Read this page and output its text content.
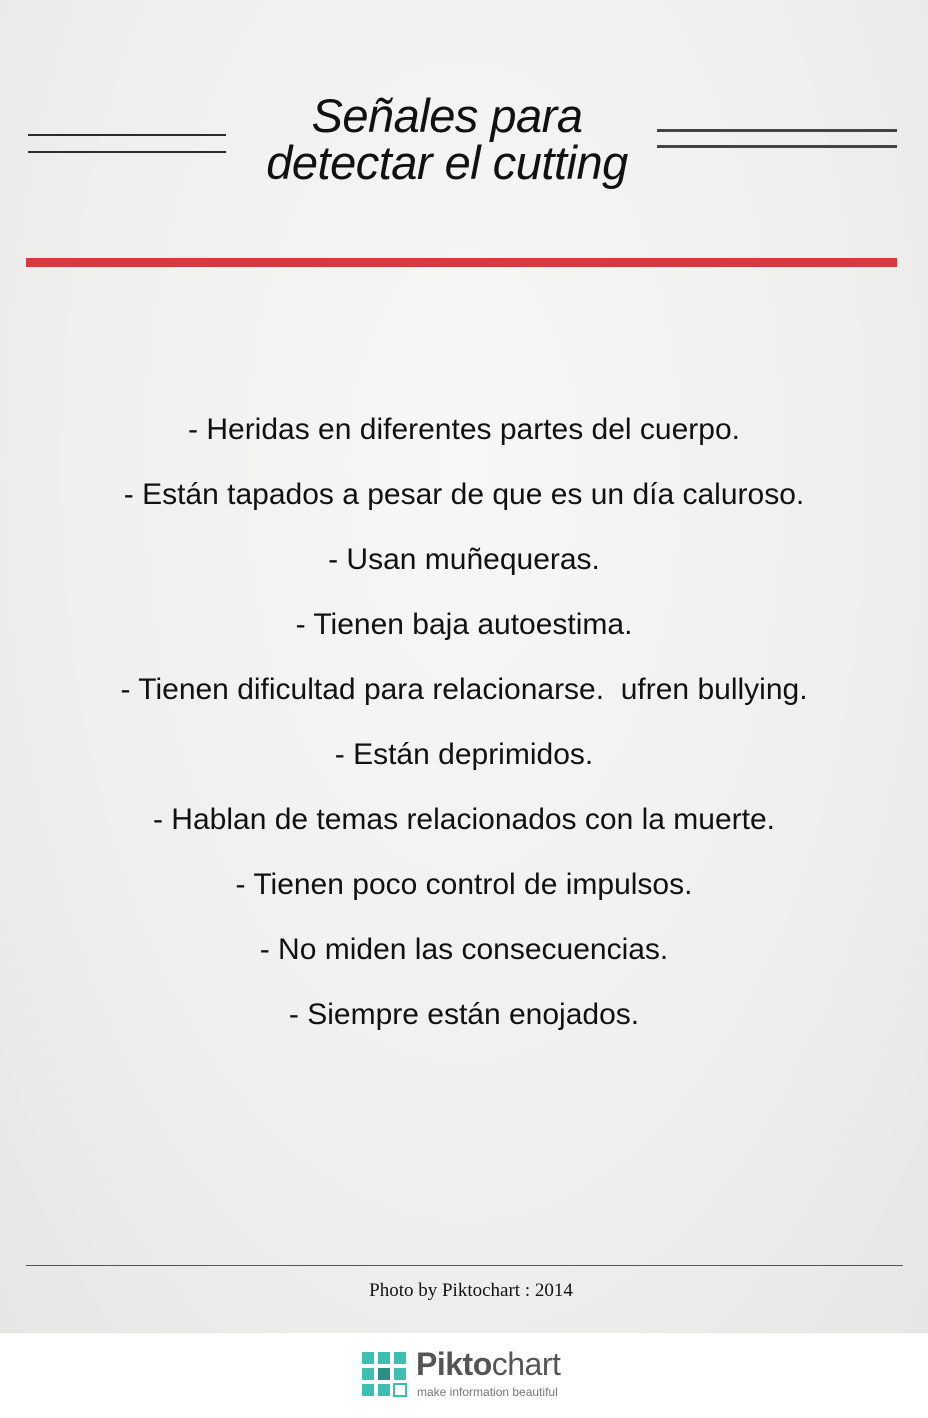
Señales para
detectar el cutting
- Heridas en diferentes partes del cuerpo.
- Están tapados a pesar de que es un día caluroso.
- Usan muñequeras.
- Tienen baja autoestima.
- Tienen dificultad para relacionarse.  ufren bullying.
- Están deprimidos.
- Hablan de temas relacionados con la muerte.
- Tienen poco control de impulsos.
- No miden las consecuencias.
- Siempre están enojados.
Photo by Piktochart : 2014
Piktochart
make information beautiful
